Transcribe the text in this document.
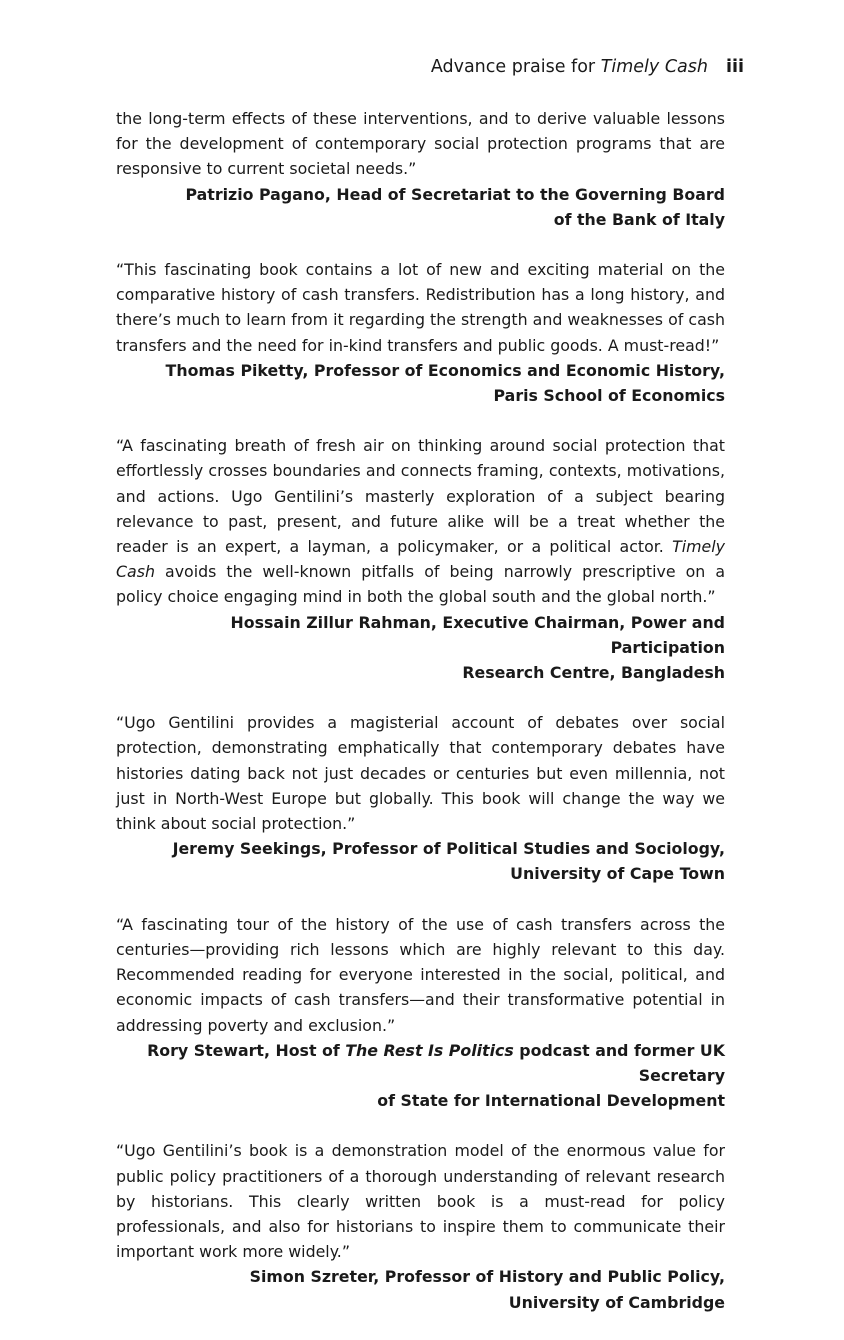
Advance praise for Timely Cash iii

the long-term effects of these interventions, and to derive valuable lessons for the development of contemporary social protection programs that are responsive to current societal needs.”

Patrizio Pagano, Head of Secretariat to the Governing Board
of the Bank of Italy

“This fascinating book contains a lot of new and exciting material on the comparative history of cash transfers. Redistribution has a long history, and there’s much to learn from it regarding the strength and weaknesses of cash transfers and the need for in-kind transfers and public goods. A must-read!”

Thomas Piketty, Professor of Economics and Economic History,
Paris School of Economics

“A fascinating breath of fresh air on thinking around social protection that effortlessly crosses boundaries and connects framing, contexts, motivations, and actions. Ugo Gentilini’s masterly exploration of a subject bearing relevance to past, present, and future alike will be a treat whether the reader is an expert, a layman, a policymaker, or a political actor. Timely Cash avoids the well-known pitfalls of being narrowly prescriptive on a policy choice engaging mind in both the global south and the global north.”

Hossain Zillur Rahman, Executive Chairman, Power and Participation
Research Centre, Bangladesh

“Ugo Gentilini provides a magisterial account of debates over social protection, demonstrating emphatically that contemporary debates have histories dating back not just decades or centuries but even millennia, not just in North-West Europe but globally. This book will change the way we think about social protection.”

Jeremy Seekings, Professor of Political Studies and Sociology,
University of Cape Town

“A fascinating tour of the history of the use of cash transfers across the centuries—providing rich lessons which are highly relevant to this day. Recommended reading for everyone interested in the social, political, and economic impacts of cash transfers—and their transformative potential in addressing poverty and exclusion.”

Rory Stewart, Host of The Rest Is Politics podcast and former UK Secretary
of State for International Development

“Ugo Gentilini’s book is a demonstration model of the enormous value for public policy practitioners of a thorough understanding of relevant research by historians. This clearly written book is a must-read for policy professionals, and also for historians to inspire them to communicate their important work more widely.”

Simon Szreter, Professor of History and Public Policy,
University of Cambridge
